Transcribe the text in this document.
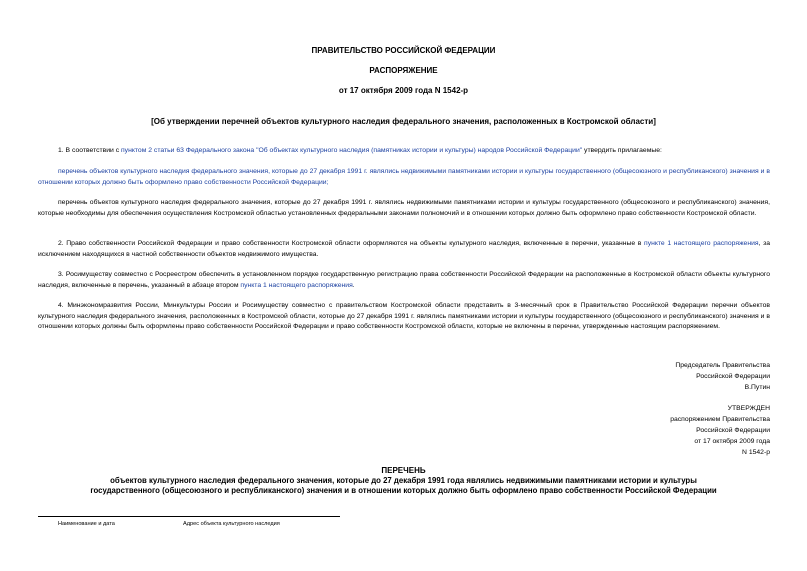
ПРАВИТЕЛЬСТВО РОССИЙСКОЙ ФЕДЕРАЦИИ
РАСПОРЯЖЕНИЕ
от 17 октября 2009 года N 1542-р
[Об утверждении перечней объектов культурного наследия федерального значения, расположенных в Костромской области]
1. В соответствии с пунктом 2 статьи 63 Федерального закона "Об объектах культурного наследия (памятниках истории и культуры) народов Российской Федерации" утвердить прилагаемые:
перечень объектов культурного наследия федерального значения, которые до 27 декабря 1991 г. являлись недвижимыми памятниками истории и культуры государственного (общесоюзного и республиканского) значения и в отношении которых должно быть оформлено право собственности Российской Федерации;
перечень объектов культурного наследия федерального значения, которые до 27 декабря 1991 г. являлись недвижимыми памятниками истории и культуры государственного (общесоюзного и республиканского) значения, которые необходимы для обеспечения осуществления Костромской областью установленных федеральными законами полномочий и в отношении которых должно быть оформлено право собственности Костромской области.
2. Право собственности Российской Федерации и право собственности Костромской области оформляются на объекты культурного наследия, включенные в перечни, указанные в пункте 1 настоящего распоряжения, за исключением находящихся в частной собственности объектов недвижимого имущества.
3. Росимуществу совместно с Росреестром обеспечить в установленном порядке государственную регистрацию права собственности Российской Федерации на расположенные в Костромской области объекты культурного наследия, включенные в перечень, указанный в абзаце втором пункта 1 настоящего распоряжения.
4. Минэкономразвития России, Минкультуры России и Росимуществу совместно с правительством Костромской области представить в 3-месячный срок в Правительство Российской Федерации перечни объектов культурного наследия федерального значения, расположенных в Костромской области, которые до 27 декабря 1991 г. являлись памятниками истории и культуры государственного (общесоюзного и республиканского) значения и в отношении которых должны быть оформлены право собственности Российской Федерации и право собственности Костромской области, которые не включены в перечни, утвержденные настоящим распоряжением.
Председатель Правительства
Российской Федерации
В.Путин
УТВЕРЖДЕН
распоряжением Правительства
Российской Федерации
от 17 октября 2009 года
N 1542-р
ПЕРЕЧЕНЬ
объектов культурного наследия федерального значения, которые до 27 декабря 1991 года являлись недвижимыми памятниками истории и культуры
государственного (общесоюзного и республиканского) значения и в отношении которых должно быть оформлено право собственности Российской Федерации
Наименование и дата	Адрес объекта культурного наследия
